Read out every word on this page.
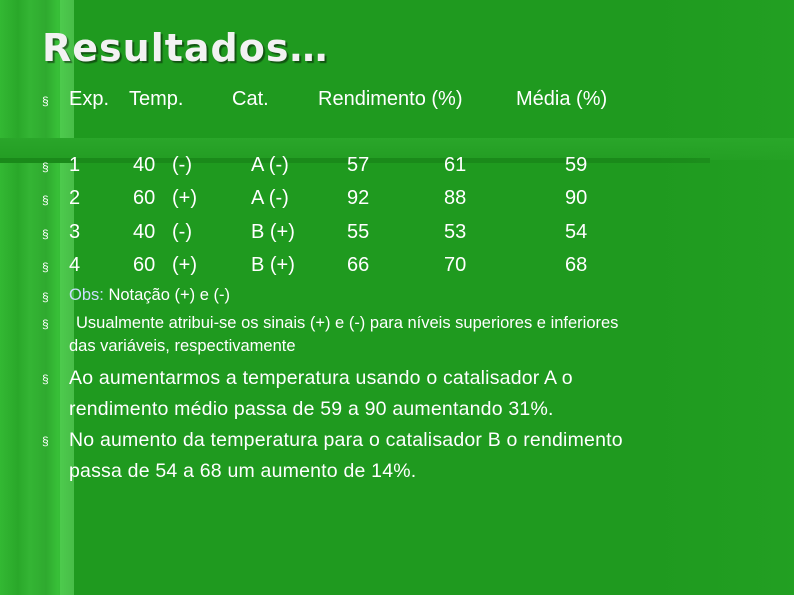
Resultados…
§ Exp. Temp. Cat. Rendimento (%)	Média (%)
§ 1	40 (-)	A (-)	57	61	59
§ 2	60 (+)	A (-)	92	88	90
§ 3	40 (-)	B (+)	55	53	54
§ 4	60 (+)	B (+)	66	70	68
§ Obs: Notação (+) e (-)
§ Usualmente atribui-se os sinais (+) e (-) para níveis superiores e inferiores
das variáveis, respectivamente
§ Ao aumentarmos a temperatura usando o catalisador A o
rendimento médio passa de 59 a 90 aumentando 31%.
§ No aumento da temperatura para o catalisador B o rendimento
passa de 54 a 68 um aumento de 14%.
